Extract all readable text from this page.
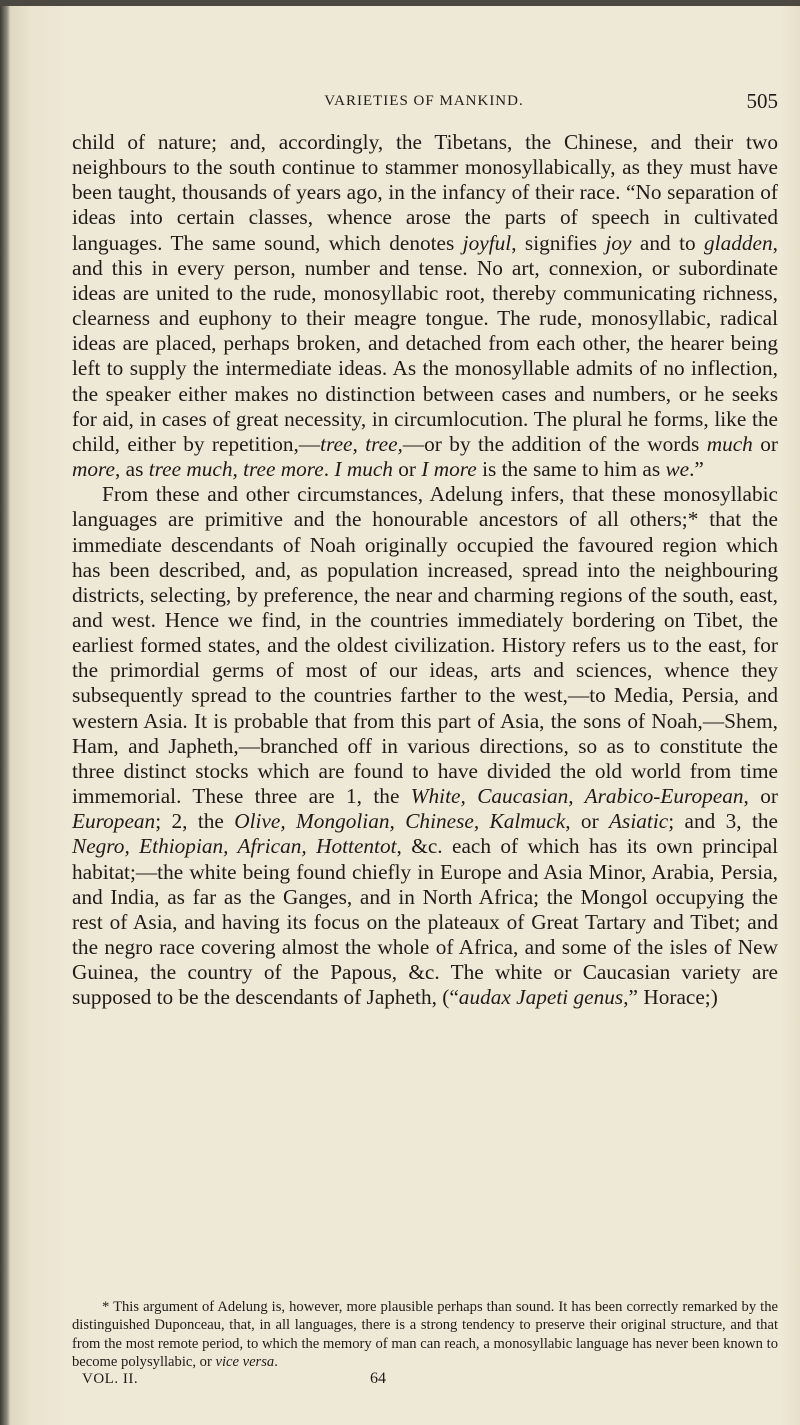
VARIETIES OF MANKIND.	505

child of nature; and, accordingly, the Tibetans, the Chinese, and their two neighbours to the south continue to stammer monosyllabically, as they must have been taught, thousands of years ago, in the infancy of their race. “No separation of ideas into certain classes, whence arose the parts of speech in cultivated languages. The same sound, which denotes joyful, signifies joy and to gladden, and this in every person, number and tense. No art, connexion, or subordinate ideas are united to the rude, monosyllabic root, thereby communicating richness, clearness and euphony to their meagre tongue. The rude, monosyllabic, radical ideas are placed, perhaps broken, and detached from each other, the hearer being left to supply the intermediate ideas. As the monosyllable admits of no inflection, the speaker either makes no distinction between cases and numbers, or he seeks for aid, in cases of great necessity, in circumlocution. The plural he forms, like the child, either by repetition,—tree, tree,—or by the addition of the words much or more, as tree much, tree more. I much or I more is the same to him as we.”

From these and other circumstances, Adelung infers, that these monosyllabic languages are primitive and the honourable ancestors of all others;* that the immediate descendants of Noah originally occupied the favoured region which has been described, and, as population increased, spread into the neighbouring districts, selecting, by preference, the near and charming regions of the south, east, and west. Hence we find, in the countries immediately bordering on Tibet, the earliest formed states, and the oldest civilization. History refers us to the east, for the primordial germs of most of our ideas, arts and sciences, whence they subsequently spread to the countries farther to the west,—to Media, Persia, and western Asia. It is probable that from this part of Asia, the sons of Noah,—Shem, Ham, and Japheth,—branched off in various directions, so as to constitute the three distinct stocks which are found to have divided the old world from time immemorial. These three are 1, the White, Caucasian, Arabico-European, or European; 2, the Olive, Mongolian, Chinese, Kalmuck, or Asiatic; and 3, the Negro, Ethiopian, African, Hottentot, &c. each of which has its own principal habitat;—the white being found chiefly in Europe and Asia Minor, Arabia, Persia, and India, as far as the Ganges, and in North Africa; the Mongol occupying the rest of Asia, and having its focus on the plateaux of Great Tartary and Tibet; and the negro race covering almost the whole of Africa, and some of the isles of New Guinea, the country of the Papous, &c. The white or Caucasian variety are supposed to be the descendants of Japheth, (“audax Japeti genus,” Horace;)

* This argument of Adelung is, however, more plausible perhaps than sound. It has been correctly remarked by the distinguished Duponceau, that, in all languages, there is a strong tendency to preserve their original structure, and that from the most remote period, to which the memory of man can reach, a monosyllabic language has never been known to become polysyllabic, or vice versa.

VOL. II.	64
